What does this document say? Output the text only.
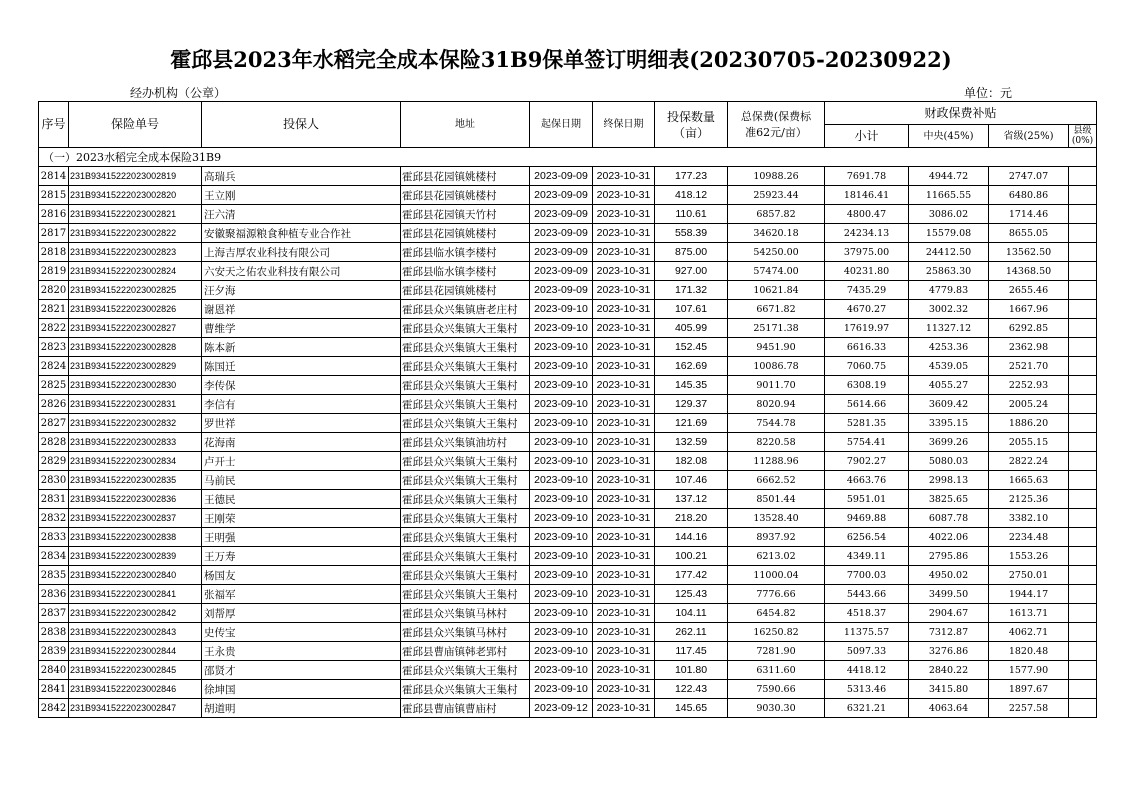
霍邱县2023年水稻完全成本保险31B9保单签订明细表(20230705-20230922)
经办机构（公章）	单位：元
序号	保险单号	投保人	地址	起保日期	终保日期	投保数量
（亩）	总保费(保费标
准62元/亩）	财政保费补贴			
								小计	中央(45%)	省级(25%)	县级
(0%)
（一）2023水稻完全成本保险31B9											
2814	231B93415222023002819	高瑞兵	霍邱县花园镇姚楼村	2023-09-09	2023-10-31	177.23	10988.26	7691.78	4944.72	2747.07	
2815	231B93415222023002820	王立刚	霍邱县花园镇姚楼村	2023-09-09	2023-10-31	418.12	25923.44	18146.41	11665.55	6480.86	
2816	231B93415222023002821	汪六清	霍邱县花园镇天竹村	2023-09-09	2023-10-31	110.61	6857.82	4800.47	3086.02	1714.46	
2817	231B93415222023002822	安徽聚福源粮食种植专业合作社	霍邱县花园镇姚楼村	2023-09-09	2023-10-31	558.39	34620.18	24234.13	15579.08	8655.05	
2818	231B93415222023002823	上海吉厚农业科技有限公司	霍邱县临水镇李楼村	2023-09-09	2023-10-31	875.00	54250.00	37975.00	24412.50	13562.50	
2819	231B93415222023002824	六安天之佑农业科技有限公司	霍邱县临水镇李楼村	2023-09-09	2023-10-31	927.00	57474.00	40231.80	25863.30	14368.50	
2820	231B93415222023002825	汪夕海	霍邱县花园镇姚楼村	2023-09-09	2023-10-31	171.32	10621.84	7435.29	4779.83	2655.46	
2821	231B93415222023002826	谢恩祥	霍邱县众兴集镇唐老庄村	2023-09-10	2023-10-31	107.61	6671.82	4670.27	3002.32	1667.96	
2822	231B93415222023002827	曹维学	霍邱县众兴集镇大王集村	2023-09-10	2023-10-31	405.99	25171.38	17619.97	11327.12	6292.85	
2823	231B93415222023002828	陈本新	霍邱县众兴集镇大王集村	2023-09-10	2023-10-31	152.45	9451.90	6616.33	4253.36	2362.98	
2824	231B93415222023002829	陈国迁	霍邱县众兴集镇大王集村	2023-09-10	2023-10-31	162.69	10086.78	7060.75	4539.05	2521.70	
2825	231B93415222023002830	李传保	霍邱县众兴集镇大王集村	2023-09-10	2023-10-31	145.35	9011.70	6308.19	4055.27	2252.93	
2826	231B93415222023002831	李信有	霍邱县众兴集镇大王集村	2023-09-10	2023-10-31	129.37	8020.94	5614.66	3609.42	2005.24	
2827	231B93415222023002832	罗世祥	霍邱县众兴集镇大王集村	2023-09-10	2023-10-31	121.69	7544.78	5281.35	3395.15	1886.20	
2828	231B93415222023002833	花海南	霍邱县众兴集镇油坊村	2023-09-10	2023-10-31	132.59	8220.58	5754.41	3699.26	2055.15	
2829	231B93415222023002834	卢开士	霍邱县众兴集镇大王集村	2023-09-10	2023-10-31	182.08	11288.96	7902.27	5080.03	2822.24	
2830	231B93415222023002835	马前民	霍邱县众兴集镇大王集村	2023-09-10	2023-10-31	107.46	6662.52	4663.76	2998.13	1665.63	
2831	231B93415222023002836	王德民	霍邱县众兴集镇大王集村	2023-09-10	2023-10-31	137.12	8501.44	5951.01	3825.65	2125.36	
2832	231B93415222023002837	王刚荣	霍邱县众兴集镇大王集村	2023-09-10	2023-10-31	218.20	13528.40	9469.88	6087.78	3382.10	
2833	231B93415222023002838	王明强	霍邱县众兴集镇大王集村	2023-09-10	2023-10-31	144.16	8937.92	6256.54	4022.06	2234.48	
2834	231B93415222023002839	王万寿	霍邱县众兴集镇大王集村	2023-09-10	2023-10-31	100.21	6213.02	4349.11	2795.86	1553.26	
2835	231B93415222023002840	杨国友	霍邱县众兴集镇大王集村	2023-09-10	2023-10-31	177.42	11000.04	7700.03	4950.02	2750.01	
2836	231B93415222023002841	张福军	霍邱县众兴集镇大王集村	2023-09-10	2023-10-31	125.43	7776.66	5443.66	3499.50	1944.17	
2837	231B93415222023002842	刘帮厚	霍邱县众兴集镇马林村	2023-09-10	2023-10-31	104.11	6454.82	4518.37	2904.67	1613.71	
2838	231B93415222023002843	史传宝	霍邱县众兴集镇马林村	2023-09-10	2023-10-31	262.11	16250.82	11375.57	7312.87	4062.71	
2839	231B93415222023002844	王永贵	霍邱县曹庙镇韩老郢村	2023-09-10	2023-10-31	117.45	7281.90	5097.33	3276.86	1820.48	
2840	231B93415222023002845	邵贤才	霍邱县众兴集镇大王集村	2023-09-10	2023-10-31	101.80	6311.60	4418.12	2840.22	1577.90	
2841	231B93415222023002846	徐坤国	霍邱县众兴集镇大王集村	2023-09-10	2023-10-31	122.43	7590.66	5313.46	3415.80	1897.67	
2842	231B93415222023002847	胡道明	霍邱县曹庙镇曹庙村	2023-09-12	2023-10-31	145.65	9030.30	6321.21	4063.64	2257.58	
